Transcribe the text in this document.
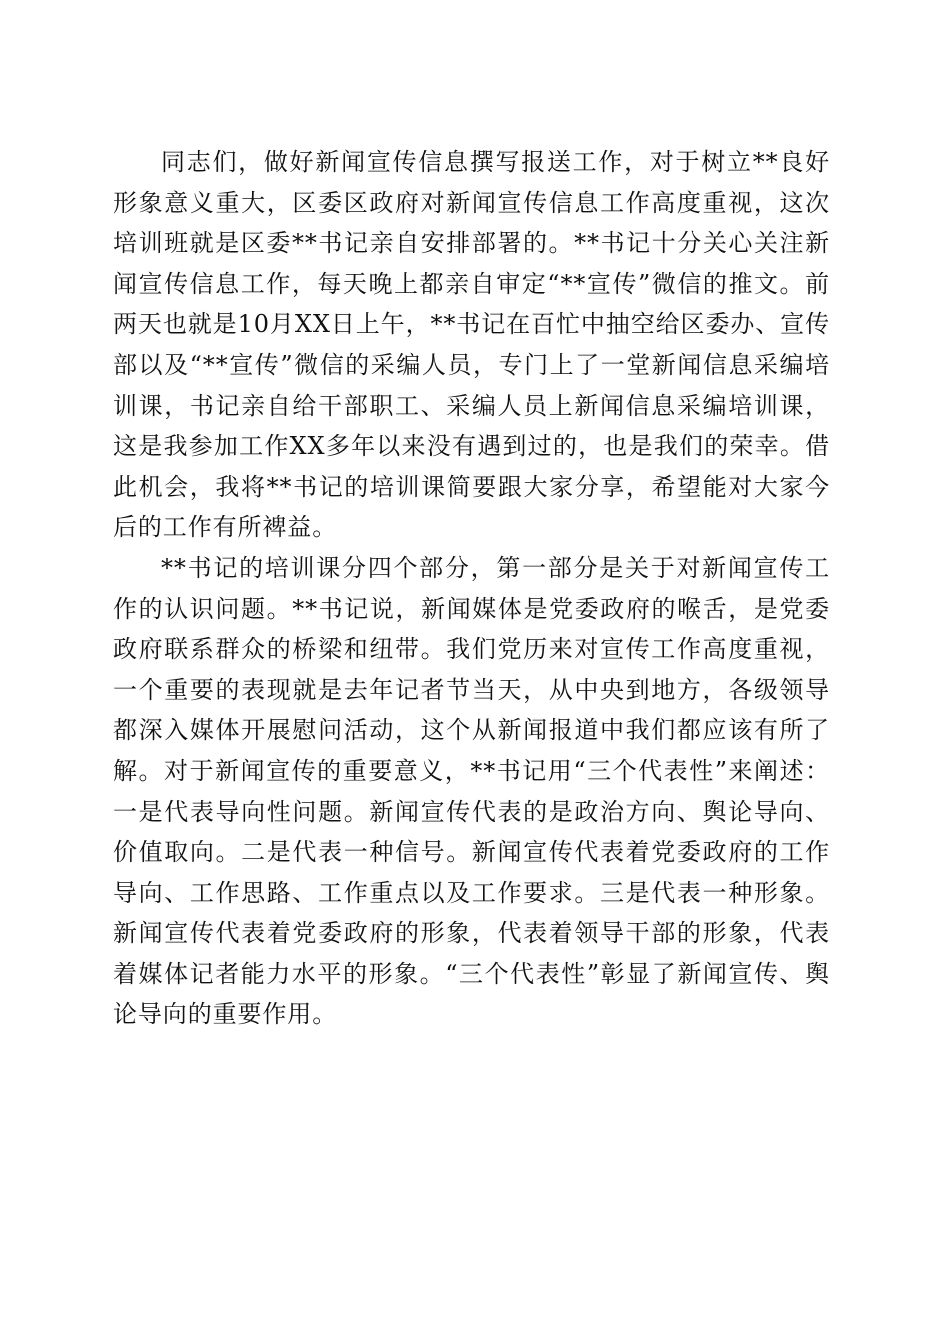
同志们，做好新闻宣传信息撰写报送工作，对于树立**良好形象意义重大，区委区政府对新闻宣传信息工作高度重视，这次培训班就是区委**书记亲自安排部署的。**书记十分关心关注新闻宣传信息工作，每天晚上都亲自审定“**宣传”微信的推文。前两天也就是10月XX日上午，**书记在百忙中抽空给区委办、宣传部以及“**宣传”微信的采编人员，专门上了一堂新闻信息采编培训课，书记亲自给干部职工、采编人员上新闻信息采编培训课，这是我参加工作XX多年以来没有遇到过的，也是我们的荣幸。借此机会，我将**书记的培训课简要跟大家分享，希望能对大家今后的工作有所裨益。

**书记的培训课分四个部分，第一部分是关于对新闻宣传工作的认识问题。**书记说，新闻媒体是党委政府的喉舌，是党委政府联系群众的桥梁和纽带。我们党历来对宣传工作高度重视，一个重要的表现就是去年记者节当天，从中央到地方，各级领导都深入媒体开展慰问活动，这个从新闻报道中我们都应该有所了解。对于新闻宣传的重要意义，**书记用“三个代表性”来阐述：一是代表导向性问题。新闻宣传代表的是政治方向、舆论导向、价值取向。二是代表一种信号。新闻宣传代表着党委政府的工作导向、工作思路、工作重点以及工作要求。三是代表一种形象。新闻宣传代表着党委政府的形象，代表着领导干部的形象，代表着媒体记者能力水平的形象。“三个代表性”彰显了新闻宣传、舆论导向的重要作用。
